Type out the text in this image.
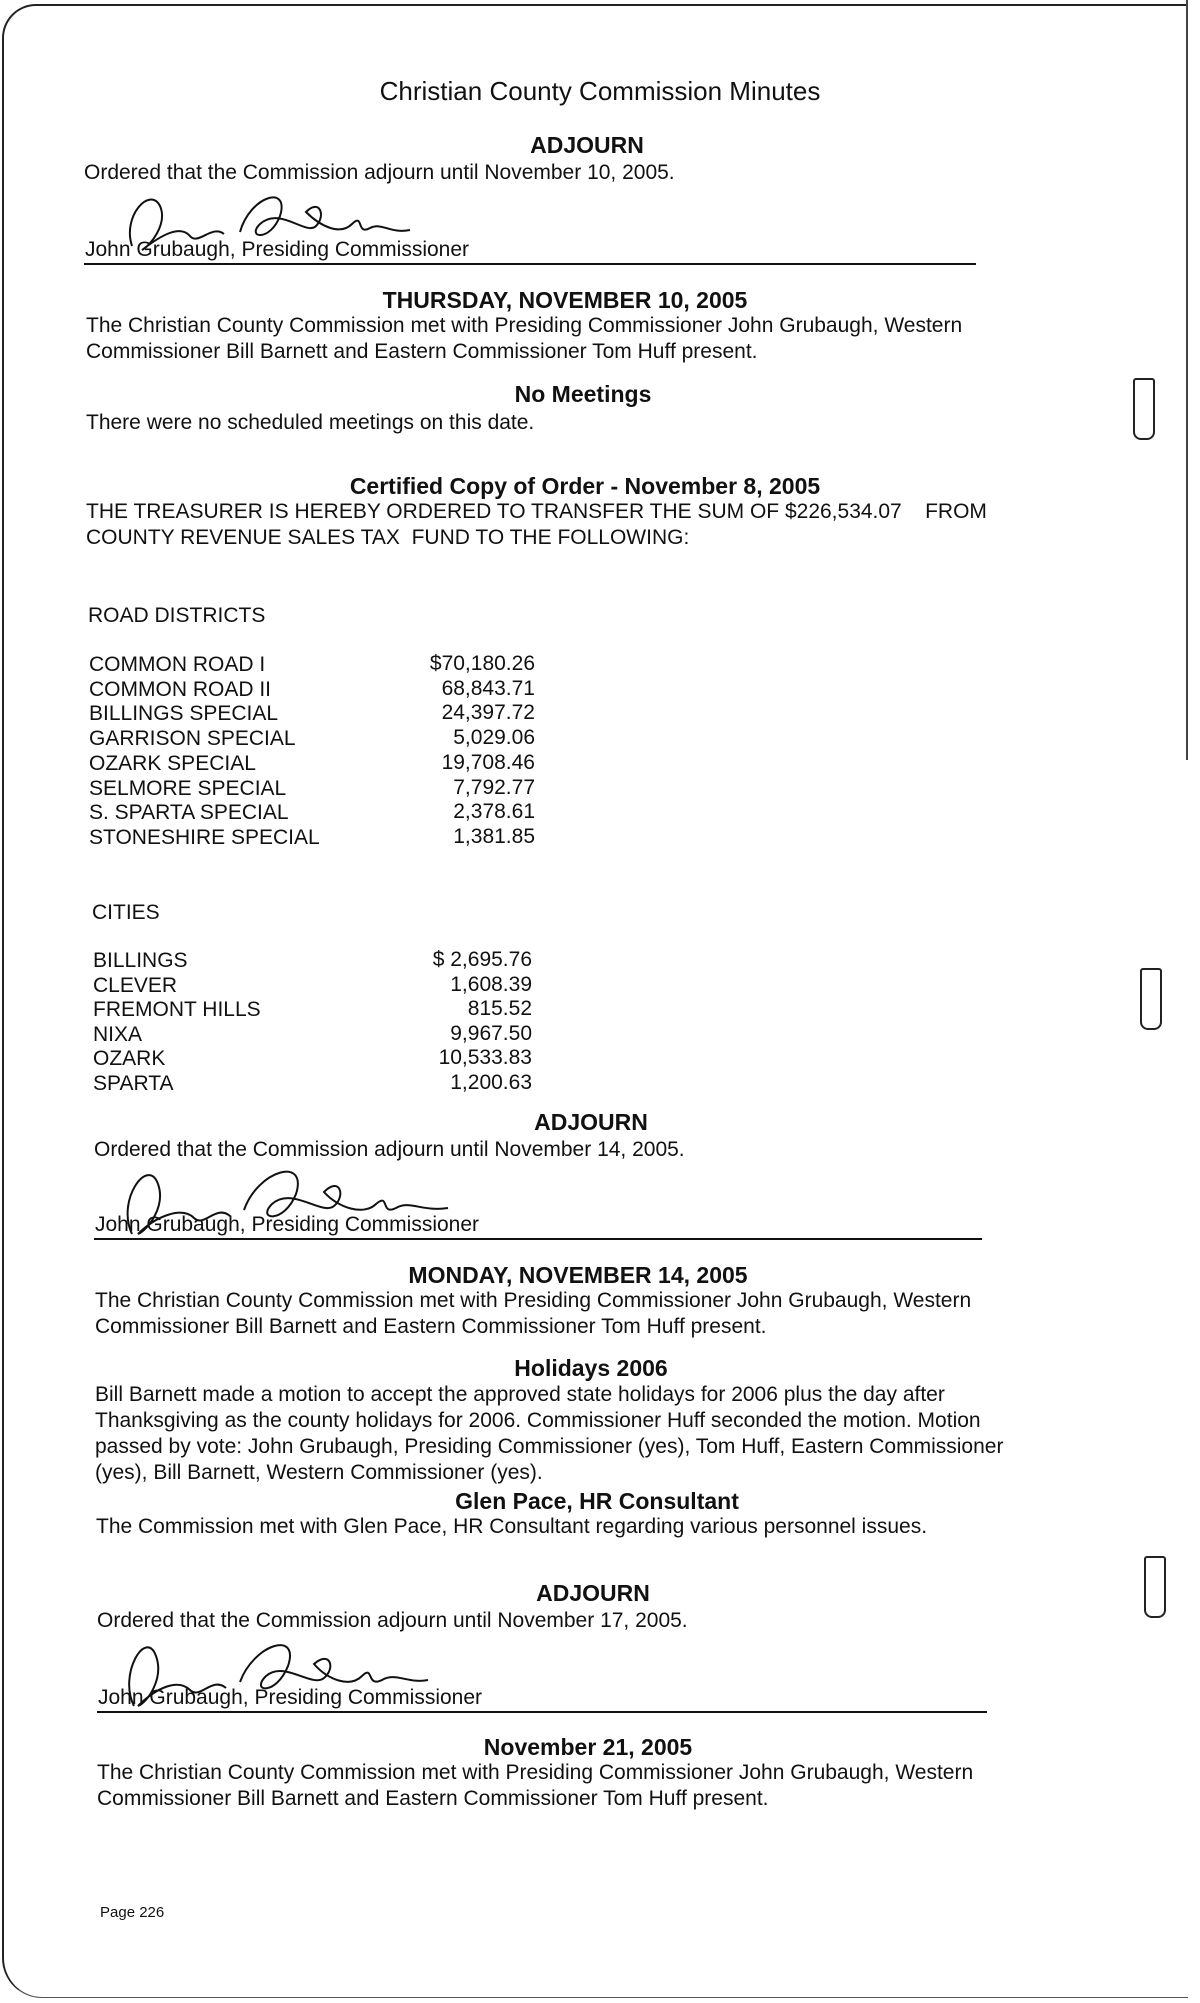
Christian County Commission Minutes
ADJOURN
Ordered that the Commission adjourn until November 10, 2005.
John Grubaugh, Presiding Commissioner
THURSDAY, NOVEMBER 10, 2005
The Christian County Commission met with Presiding Commissioner John Grubaugh, Western
Commissioner Bill Barnett and Eastern Commissioner Tom Huff present.
No Meetings
There were no scheduled meetings on this date.
Certified Copy of Order - November 8, 2005
THE TREASURER IS HEREBY ORDERED TO TRANSFER THE SUM OF $226,534.07    FROM
COUNTY REVENUE SALES TAX  FUND TO THE FOLLOWING:
ROAD DISTRICTS
COMMON ROAD I	$70,180.26
COMMON ROAD II	68,843.71
BILLINGS SPECIAL	24,397.72
GARRISON SPECIAL	5,029.06
OZARK SPECIAL	19,708.46
SELMORE SPECIAL	7,792.77
S. SPARTA SPECIAL	2,378.61
STONESHIRE SPECIAL	1,381.85
CITIES
BILLINGS	$ 2,695.76
CLEVER	1,608.39
FREMONT HILLS	815.52
NIXA	9,967.50
OZARK	10,533.83
SPARTA	1,200.63
ADJOURN
Ordered that the Commission adjourn until November 14, 2005.
John Grubaugh, Presiding Commissioner
MONDAY, NOVEMBER 14, 2005
The Christian County Commission met with Presiding Commissioner John Grubaugh, Western
Commissioner Bill Barnett and Eastern Commissioner Tom Huff present.
Holidays 2006
Bill Barnett made a motion to accept the approved state holidays for 2006 plus the day after
Thanksgiving as the county holidays for 2006. Commissioner Huff seconded the motion. Motion
passed by vote: John Grubaugh, Presiding Commissioner (yes), Tom Huff, Eastern Commissioner
(yes), Bill Barnett, Western Commissioner (yes).
Glen Pace, HR Consultant
The Commission met with Glen Pace, HR Consultant regarding various personnel issues.
ADJOURN
Ordered that the Commission adjourn until November 17, 2005.
John Grubaugh, Presiding Commissioner
November 21, 2005
The Christian County Commission met with Presiding Commissioner John Grubaugh, Western
Commissioner Bill Barnett and Eastern Commissioner Tom Huff present.
Page 226
